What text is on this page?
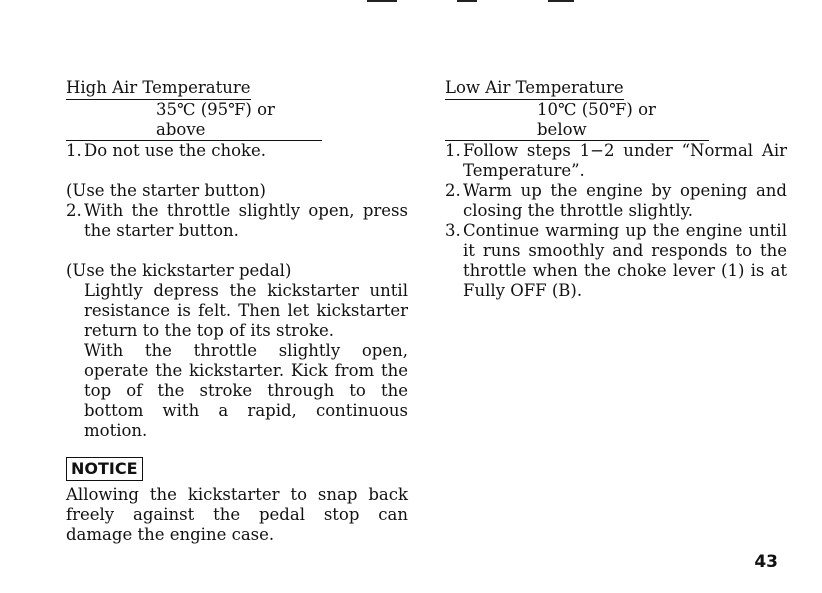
High Air Temperature

35℃ (95℉) or above

1. Do not use the choke.

(Use the starter button)

2. With the throttle slightly open, press the starter button.

(Use the kickstarter pedal)

Lightly depress the kickstarter until resistance is felt. Then let kickstarter return to the top of its stroke.

With the throttle slightly open, operate the kickstarter. Kick from the top of the stroke through to the bottom with a rapid, continuous motion.

NOTICE

Allowing the kickstarter to snap back freely against the pedal stop can damage the engine case.

Low Air Temperature

10℃ (50℉) or below

1. Follow steps 1−2 under “Normal Air Temperature”.
2. Warm up the engine by opening and closing the throttle slightly.
3. Continue warming up the engine until it runs smoothly and responds to the throttle when the choke lever (1) is at Fully OFF (B).
43
